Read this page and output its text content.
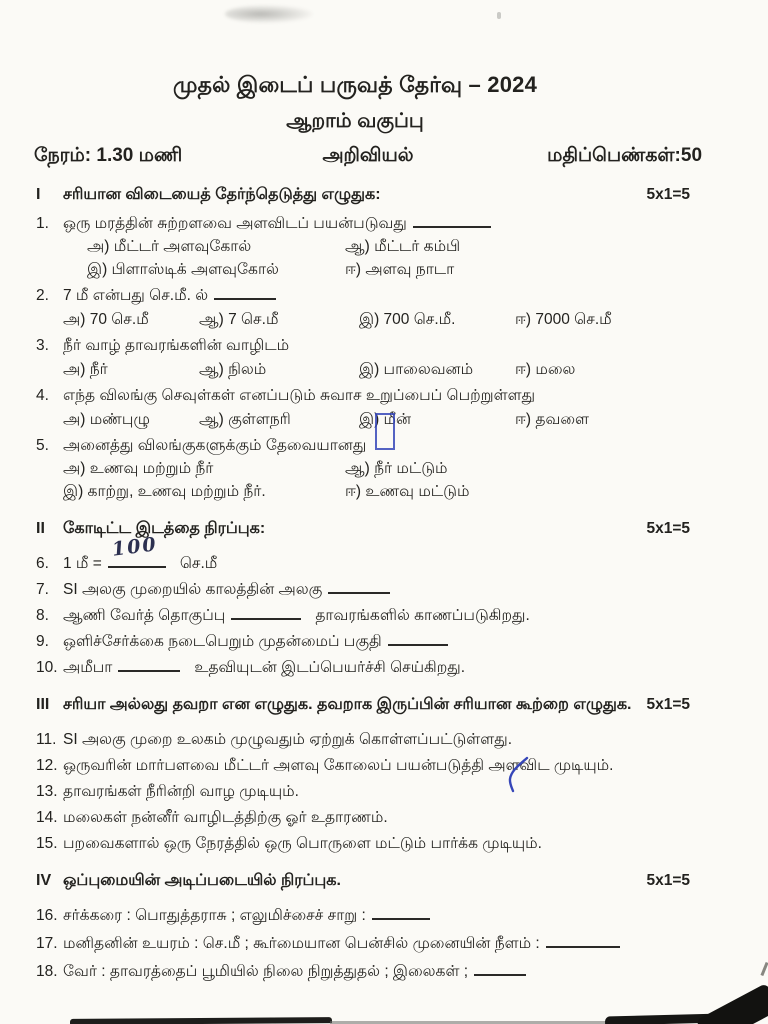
முதல் இடைப் பருவத் தேர்வு – 2024
ஆறாம் வகுப்பு
நேரம்: 1.30 மணி	அறிவியல்	மதிப்பெண்கள்:50
I	சரியான விடையைத் தேர்ந்தெடுத்து எழுதுக:	5x1=5
1. ஒரு மரத்தின் சுற்றளவை அளவிடப் பயன்படுவது
அ) மீட்டர் அளவுகோல்	ஆ) மீட்டர் கம்பி
இ) பிளாஸ்டிக் அளவுகோல்	ஈ) அளவு நாடா
2. 7 மீ என்பது செ.மீ. ல்
அ) 70 செ.மீ	ஆ) 7 செ.மீ	இ) 700 செ.மீ.	ஈ) 7000 செ.மீ
3. நீர் வாழ் தாவரங்களின் வாழிடம்
அ) நீர்	ஆ) நிலம்	இ) பாலைவனம்	ஈ) மலை
4. எந்த விலங்கு செவுள்கள் எனப்படும் சுவாச உறுப்பைப் பெற்றுள்ளது
அ) மண்புழு	ஆ) குள்ளநரி	இ) மீன்	ஈ) தவளை
5. அனைத்து விலங்குகளுக்கும் தேவையானது
அ) உணவு மற்றும் நீர்	ஆ) நீர் மட்டும்
இ) காற்று, உணவு மற்றும் நீர்.	ஈ) உணவு மட்டும்
II	கோடிட்ட இடத்தை நிரப்புக:	5x1=5
6. 1 மீ =
100
செ.மீ
7. SI அலகு முறையில் காலத்தின் அலகு
8. ஆணி வேர்த் தொகுப்பு	தாவரங்களில் காணப்படுகிறது.
9. ஒளிச்சேர்க்கை நடைபெறும் முதன்மைப் பகுதி
10. அமீபா	உதவியுடன் இடப்பெயர்ச்சி செய்கிறது.
III சரியா அல்லது தவறா என எழுதுக. தவறாக இருப்பின் சரியான கூற்றை எழுதுக. 5x1=5
11. SI அலகு முறை உலகம் முழுவதும் ஏற்றுக் கொள்ளப்பட்டுள்ளது.
12. ஒருவரின் மார்பளவை மீட்டர் அளவு கோலைப் பயன்படுத்தி அளவிட முடியும்.
13. தாவரங்கள் நீரின்றி வாழ முடியும்.
14. மலைகள் நன்னீர் வாழிடத்திற்கு ஓர் உதாரணம்.
15. பறவைகளால் ஒரு நேரத்தில் ஒரு பொருளை மட்டும் பார்க்க முடியும்.
IV ஒப்புமையின் அடிப்படையில் நிரப்புக.	5x1=5
16. சர்க்கரை : பொதுத்தராசு ; எலுமிச்சைச் சாறு :
17. மனிதனின் உயரம் : செ.மீ ; கூர்மையான பென்சில் முனையின் நீளம் :
18. வேர் : தாவரத்தைப் பூமியில் நிலை நிறுத்துதல் ; இலைகள் ;
